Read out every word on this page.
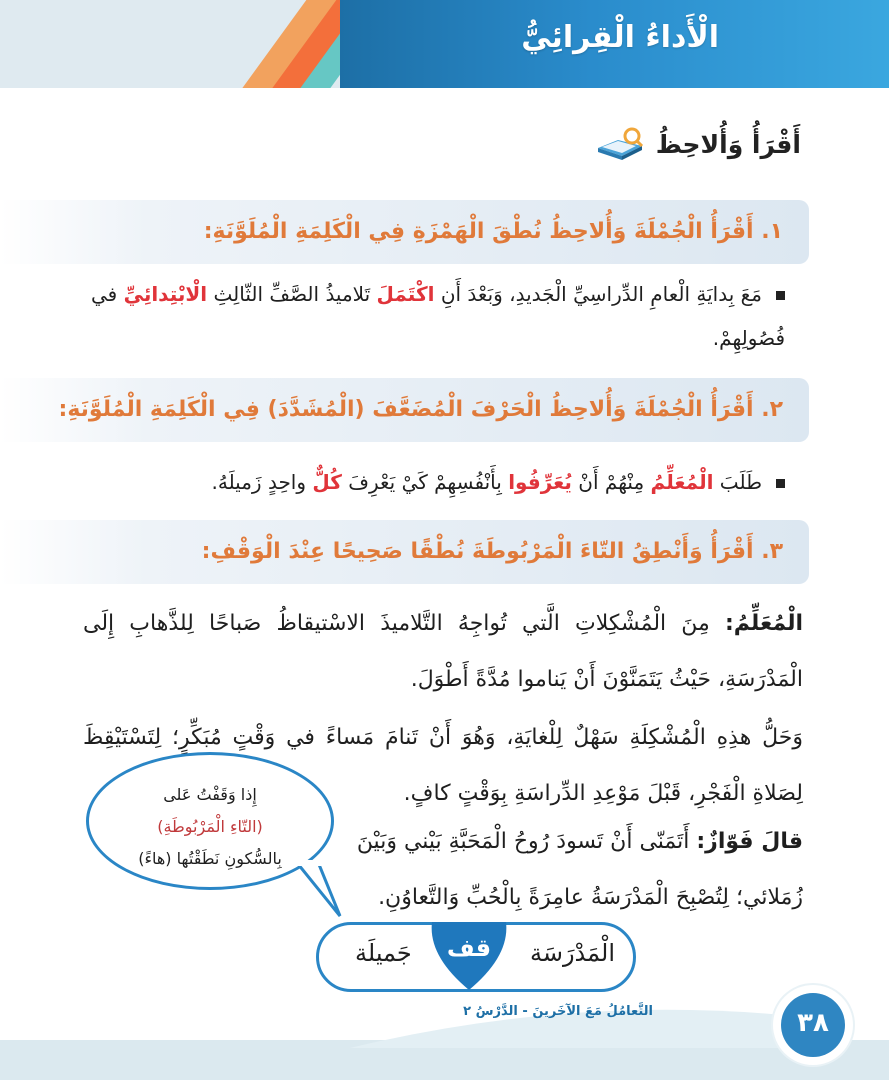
الْأَداءُ الْقِرائِيُّ
أَقْرَأُ وَأُلاحِظُ
١. أَقْرَأُ الْجُمْلَةَ وَأُلاحِظُ نُطْقَ الْهَمْزَةِ فِي الْكَلِمَةِ الْمُلَوَّنَةِ:
مَعَ بِدايَةِ الْعامِ الدِّراسِيِّ الْجَديدِ، وَبَعْدَ أَنِ اكْتَمَلَ تَلاميذُ الصَّفِّ الثّالِثِ الْابْتِدائِيِّ في فُصُولِهِمْ.
٢. أَقْرَأُ الْجُمْلَةَ وَأُلاحِظُ الْحَرْفَ الْمُضَعَّفَ (الْمُشَدَّدَ) فِي الْكَلِمَةِ الْمُلَوَّنَةِ:
طَلَبَ الْمُعَلِّمُ مِنْهُمْ أَنْ يُعَرِّفُوا بِأَنْفُسِهِمْ كَيْ يَعْرِفَ كُلٌّ واحِدٍ زَميلَهُ.
٣. أَقْرَأُ وَأَنْطِقُ التّاءَ الْمَرْبُوطَةَ نُطْقًا صَحِيحًا عِنْدَ الْوَقْفِ:
الْمُعَلِّمُ: مِنَ الْمُشْكِلاتِ الَّتي تُواجِهُ التَّلاميذَ الاسْتيقاظُ صَباحًا لِلذَّهابِ إِلَى الْمَدْرَسَةِ، حَيْثُ يَتَمَنَّوْنَ أَنْ يَناموا مُدَّةً أَطْوَلَ.
وَحَلُّ هذِهِ الْمُشْكِلَةِ سَهْلٌ لِلْغايَةِ، وَهُوَ أَنْ تَنامَ مَساءً في وَقْتٍ مُبَكِّرٍ؛ لِتَسْتَيْقِظَ لِصَلاةِ الْفَجْرِ، قَبْلَ مَوْعِدِ الدِّراسَةِ بِوَقْتٍ كافٍ.
قالَ فَوّازٌ: أَتَمَنّى أَنْ تَسودَ رُوحُ الْمَحَبَّةِ بَيْني وَبَيْنَ
زُمَلائي؛ لِتُصْبِحَ الْمَدْرَسَةُ عامِرَةً بِالْحُبِّ وَالتَّعاوُنِ.
إِذا وَقَفْتُ عَلى
(التّاءِ الْمَرْبُوطَةِ)
بِالسُّكونِ نَطَقْتُها (هاءً)
الْمَدْرَسَة
جَميلَة	قف
التَّعامُلُ مَعَ الآخَرينَ - الدَّرْسُ ٢	٣٨
